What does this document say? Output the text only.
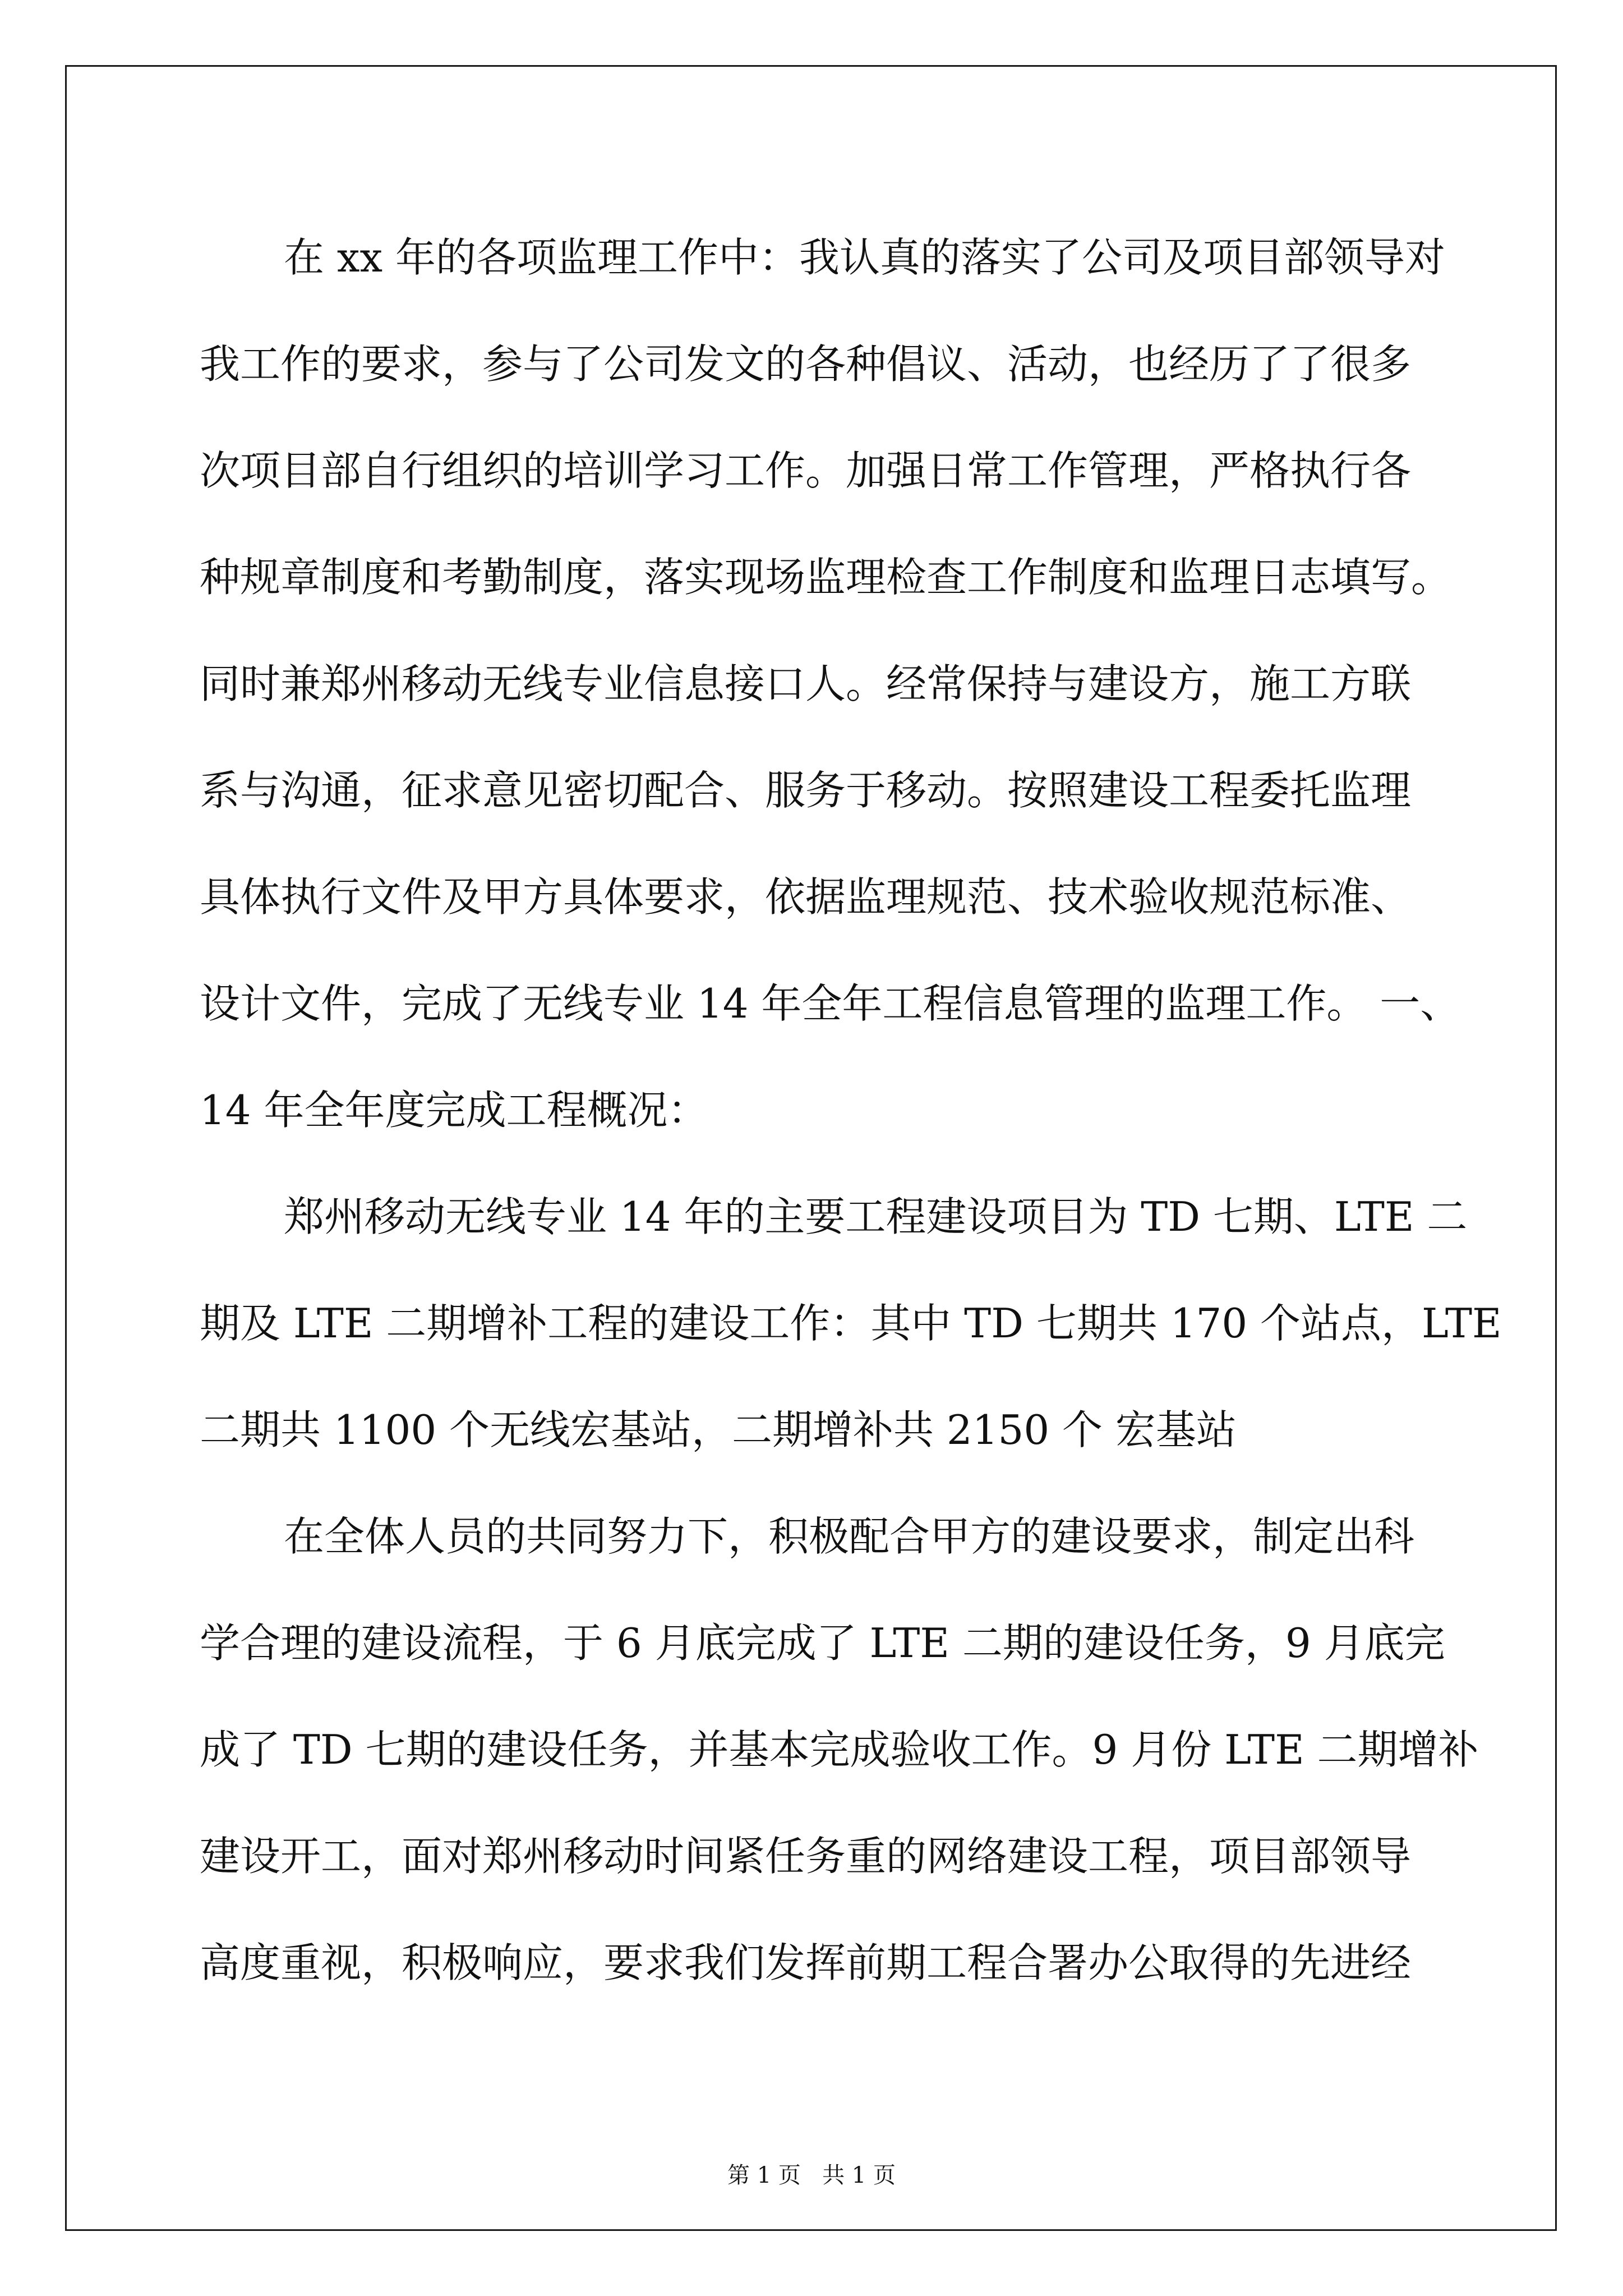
在 xx 年的各项监理工作中：我认真的落实了公司及项目部领导对
我工作的要求，参与了公司发文的各种倡议、活动，也经历了了很多
次项目部自行组织的培训学习工作。加强日常工作管理，严格执行各
种规章制度和考勤制度，落实现场监理检查工作制度和监理日志填写。
同时兼郑州移动无线专业信息接口人。经常保持与建设方，施工方联
系与沟通，征求意见密切配合、服务于移动。按照建设工程委托监理
具体执行文件及甲方具体要求，依据监理规范、技术验收规范标准、
设计文件，完成了无线专业 14 年全年工程信息管理的监理工作。 一、
14 年全年度完成工程概况：
郑州移动无线专业 14 年的主要工程建设项目为 TD 七期、LTE 二
期及 LTE 二期增补工程的建设工作：其中 TD 七期共 170 个站点，LTE
二期共 1100 个无线宏基站，二期增补共 2150 个 宏基站
在全体人员的共同努力下，积极配合甲方的建设要求，制定出科
学合理的建设流程，于 6 月底完成了 LTE 二期的建设任务，9 月底完
成了 TD 七期的建设任务，并基本完成验收工作。9 月份 LTE 二期增补
建设开工，面对郑州移动时间紧任务重的网络建设工程，项目部领导
高度重视，积极响应，要求我们发挥前期工程合署办公取得的先进经
第 1 页   共 1 页
